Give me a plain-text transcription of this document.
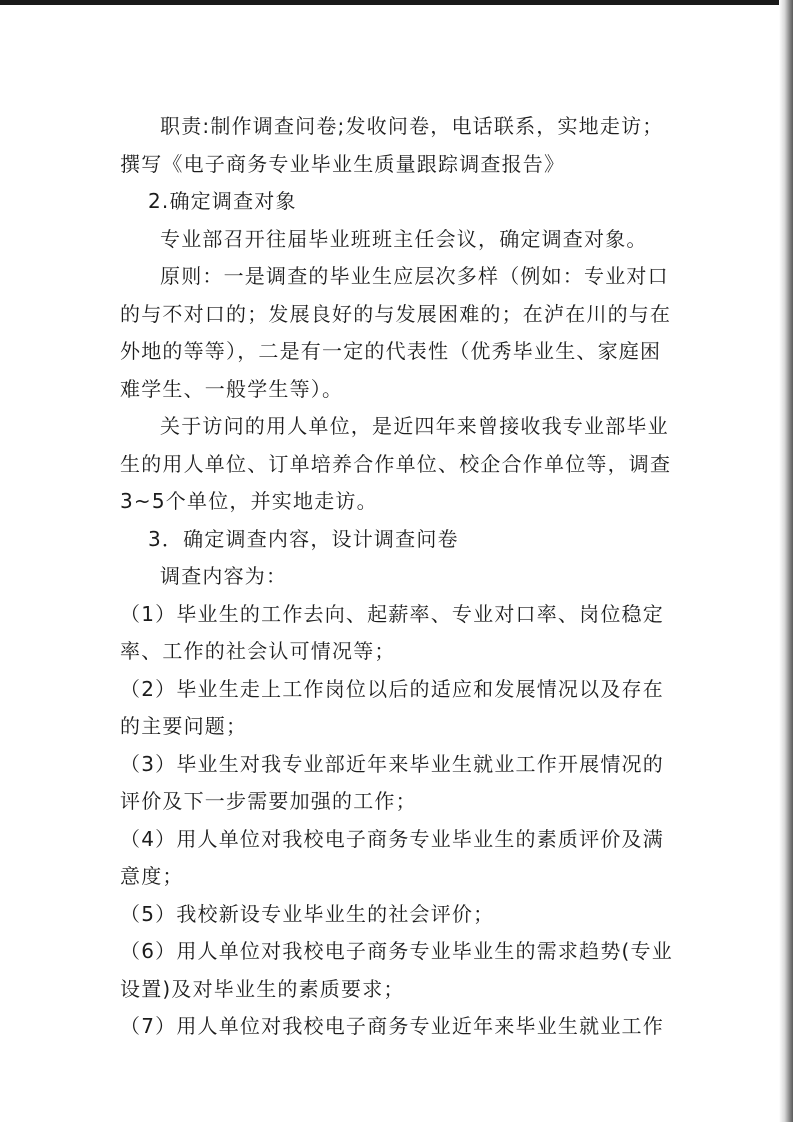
职责:制作调查问卷;发收问卷，电话联系，实地走访；撰写《电子商务专业毕业生质量跟踪调查报告》

2.确定调查对象

专业部召开往届毕业班班主任会议，确定调查对象。

原则：一是调查的毕业生应层次多样（例如：专业对口的与不对口的；发展良好的与发展困难的；在泸在川的与在外地的等等），二是有一定的代表性（优秀毕业生、家庭困难学生、一般学生等）。

关于访问的用人单位，是近四年来曾接收我专业部毕业生的用人单位、订单培养合作单位、校企合作单位等，调查3~5个单位，并实地走访。

3．确定调查内容，设计调查问卷

调查内容为：

（1）毕业生的工作去向、起薪率、专业对口率、岗位稳定率、工作的社会认可情况等；

（2）毕业生走上工作岗位以后的适应和发展情况以及存在的主要问题；

（3）毕业生对我专业部近年来毕业生就业工作开展情况的评价及下一步需要加强的工作；

（4）用人单位对我校电子商务专业毕业生的素质评价及满意度；

（5）我校新设专业毕业生的社会评价；

（6）用人单位对我校电子商务专业毕业生的需求趋势(专业设置)及对毕业生的素质要求；

（7）用人单位对我校电子商务专业近年来毕业生就业工作
